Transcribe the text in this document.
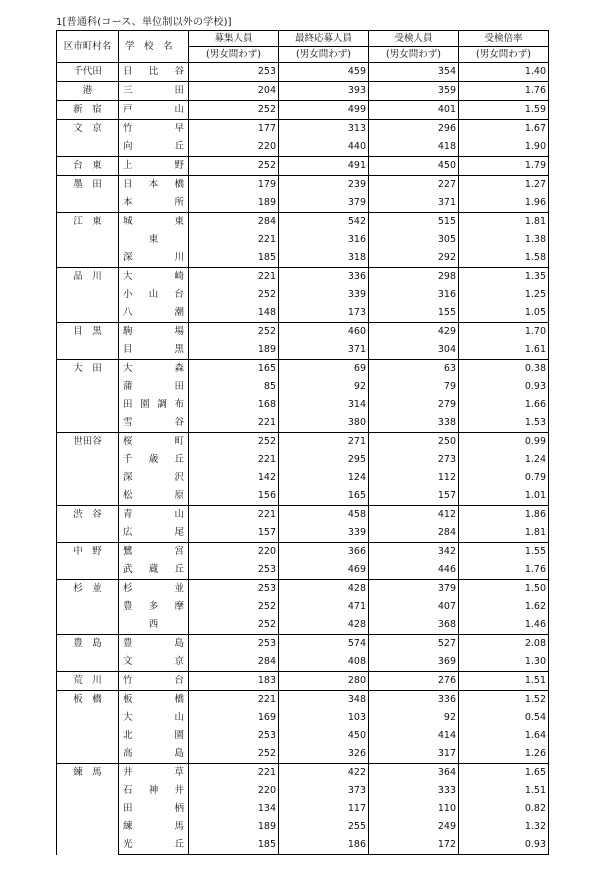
1[普通科(コース、単位制以外の学校)]
区市町村名	学　校　名	募集人員	最終応募人員	受検人員	受検倍率
		(男女問わず)	(男女問わず)	(男女問わず)	(男女問わず)
千代田	日 比 谷	253	459	354	1.40
港	三 田	204	393	359	1.76
新　宿	戸 山	252	499	401	1.59
文　京	竹 早	177	313	296	1.67

	向 丘	220	440	418	1.90
台　東	上 野	252	491	450	1.79
墨　田	日 本 橋	179	239	227	1.27

	本 所	189	379	371	1.96
江　東	城 東	284	542	515	1.81

	東	221	316	305	1.38

	深 川	185	318	292	1.58
品　川	大 崎	221	336	298	1.35

	小 山 台	252	339	316	1.25

	八 潮	148	173	155	1.05
目　黒	駒 場	252	460	429	1.70

	目 黒	189	371	304	1.61
大　田	大 森	165	69	63	0.38

	蒲 田	85	92	79	0.93

	田 園 調 布	168	314	279	1.66

	雪 谷	221	380	338	1.53
世田谷	桜 町	252	271	250	0.99

	千 歳 丘	221	295	273	1.24

	深 沢	142	124	112	0.79

	松 原	156	165	157	1.01
渋　谷	青 山	221	458	412	1.86

	広 尾	157	339	284	1.81
中　野	鷺 宮	220	366	342	1.55

	武 蔵 丘	253	469	446	1.76
杉　並	杉 並	253	428	379	1.50

	豊 多 摩	252	471	407	1.62

	西	252	428	368	1.46
豊　島	豊 島	253	574	527	2.08

	文 京	284	408	369	1.30
荒　川	竹 台	183	280	276	1.51
板　橋	板 橋	221	348	336	1.52

	大 山	169	103	92	0.54

	北 園	253	450	414	1.64

	高 島	252	326	317	1.26
練　馬	井 草	221	422	364	1.65

	石 神 井	220	373	333	1.51

	田 柄	134	117	110	0.82

	練 馬	189	255	249	1.32

	光 丘	185	186	172	0.93
